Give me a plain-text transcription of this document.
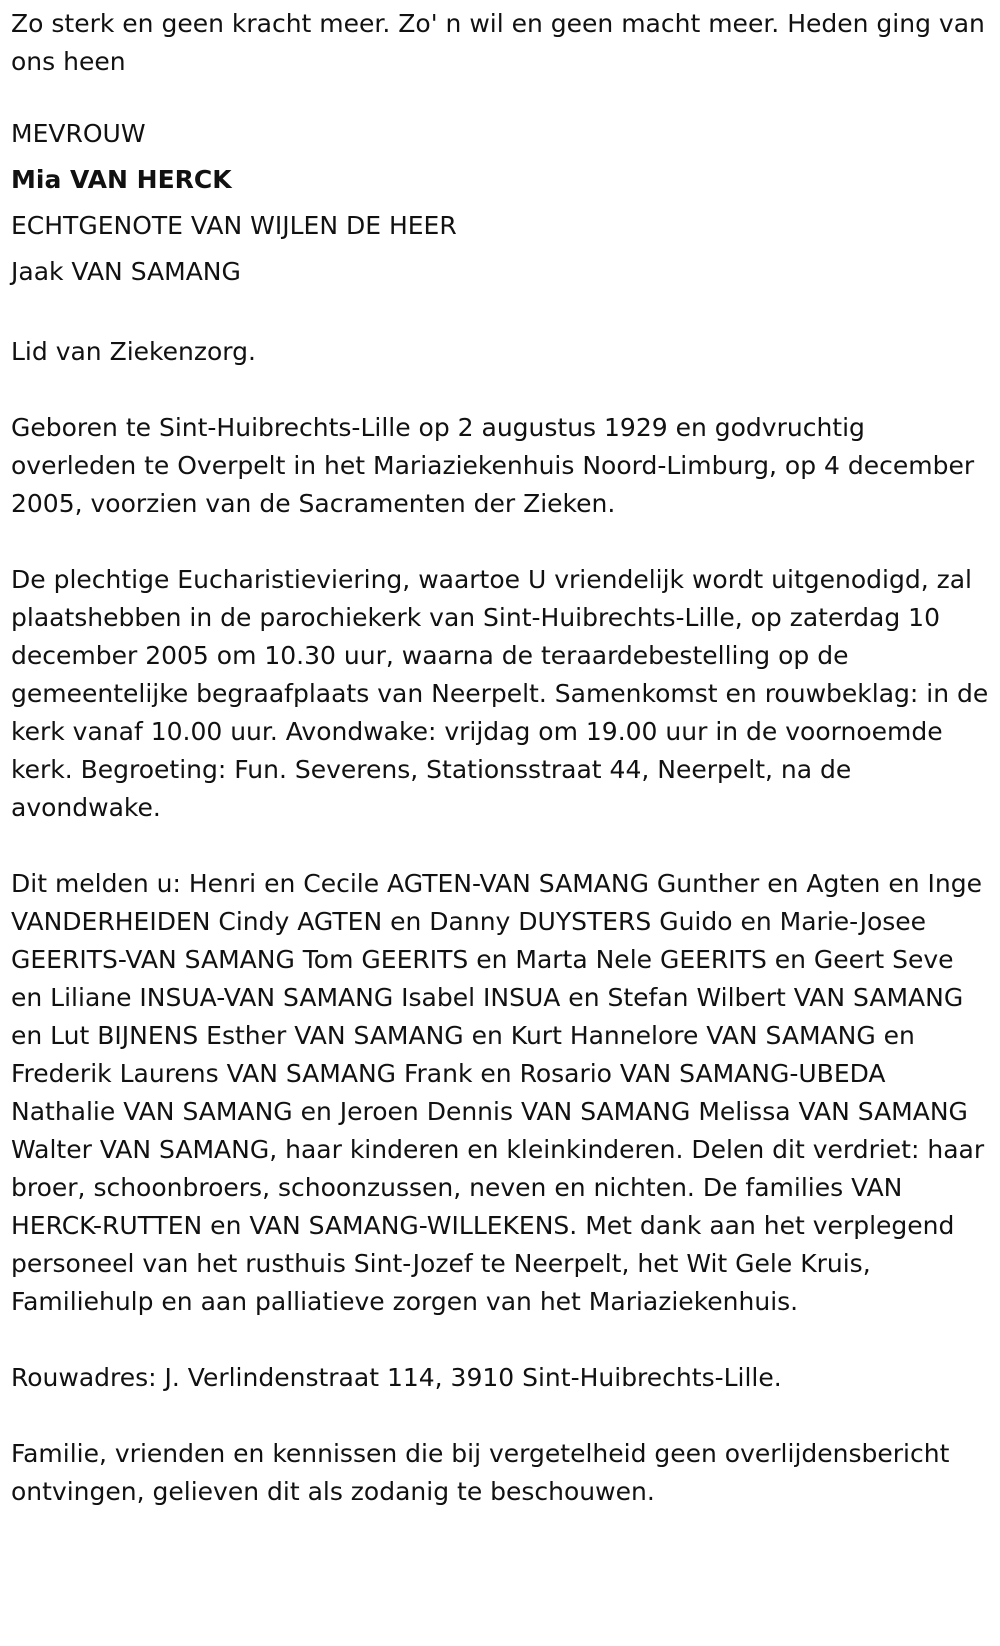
Zo sterk en geen kracht meer. Zo' n wil en geen macht meer. Heden ging van ons heen

MEVROUW

Mia VAN HERCK

ECHTGENOTE VAN WIJLEN DE HEER

Jaak VAN SAMANG

Lid van Ziekenzorg.

Geboren te Sint-Huibrechts-Lille op 2 augustus 1929 en godvruchtig overleden te Overpelt in het Mariaziekenhuis Noord-Limburg, op 4 december 2005, voorzien van de Sacramenten der Zieken.

De plechtige Eucharistieviering, waartoe U vriendelijk wordt uitgenodigd, zal plaatshebben in de parochiekerk van Sint-Huibrechts-Lille, op zaterdag 10 december 2005 om 10.30 uur, waarna de teraardebestelling op de gemeentelijke begraafplaats van Neerpelt. Samenkomst en rouwbeklag: in de kerk vanaf 10.00 uur. Avondwake: vrijdag om 19.00 uur in de voornoemde kerk. Begroeting: Fun. Severens, Stationsstraat 44, Neerpelt, na de avondwake.

Dit melden u: Henri en Cecile AGTEN-VAN SAMANG Gunther en Agten en Inge VANDERHEIDEN Cindy AGTEN en Danny DUYSTERS Guido en Marie-Josee GEERITS-VAN SAMANG Tom GEERITS en Marta Nele GEERITS en Geert Seve en Liliane INSUA-VAN SAMANG Isabel INSUA en Stefan Wilbert VAN SAMANG en Lut BIJNENS Esther VAN SAMANG en Kurt Hannelore VAN SAMANG en Frederik Laurens VAN SAMANG Frank en Rosario VAN SAMANG-UBEDA Nathalie VAN SAMANG en Jeroen Dennis VAN SAMANG Melissa VAN SAMANG Walter VAN SAMANG, haar kinderen en kleinkinderen. Delen dit verdriet: haar broer, schoonbroers, schoonzussen, neven en nichten. De families VAN HERCK-RUTTEN en VAN SAMANG-WILLEKENS. Met dank aan het verplegend personeel van het rusthuis Sint-Jozef te Neerpelt, het Wit Gele Kruis, Familiehulp en aan palliatieve zorgen van het Mariaziekenhuis.

Rouwadres: J. Verlindenstraat 114, 3910 Sint-Huibrechts-Lille.

Familie, vrienden en kennissen die bij vergetelheid geen overlijdensbericht ontvingen, gelieven dit als zodanig te beschouwen.
